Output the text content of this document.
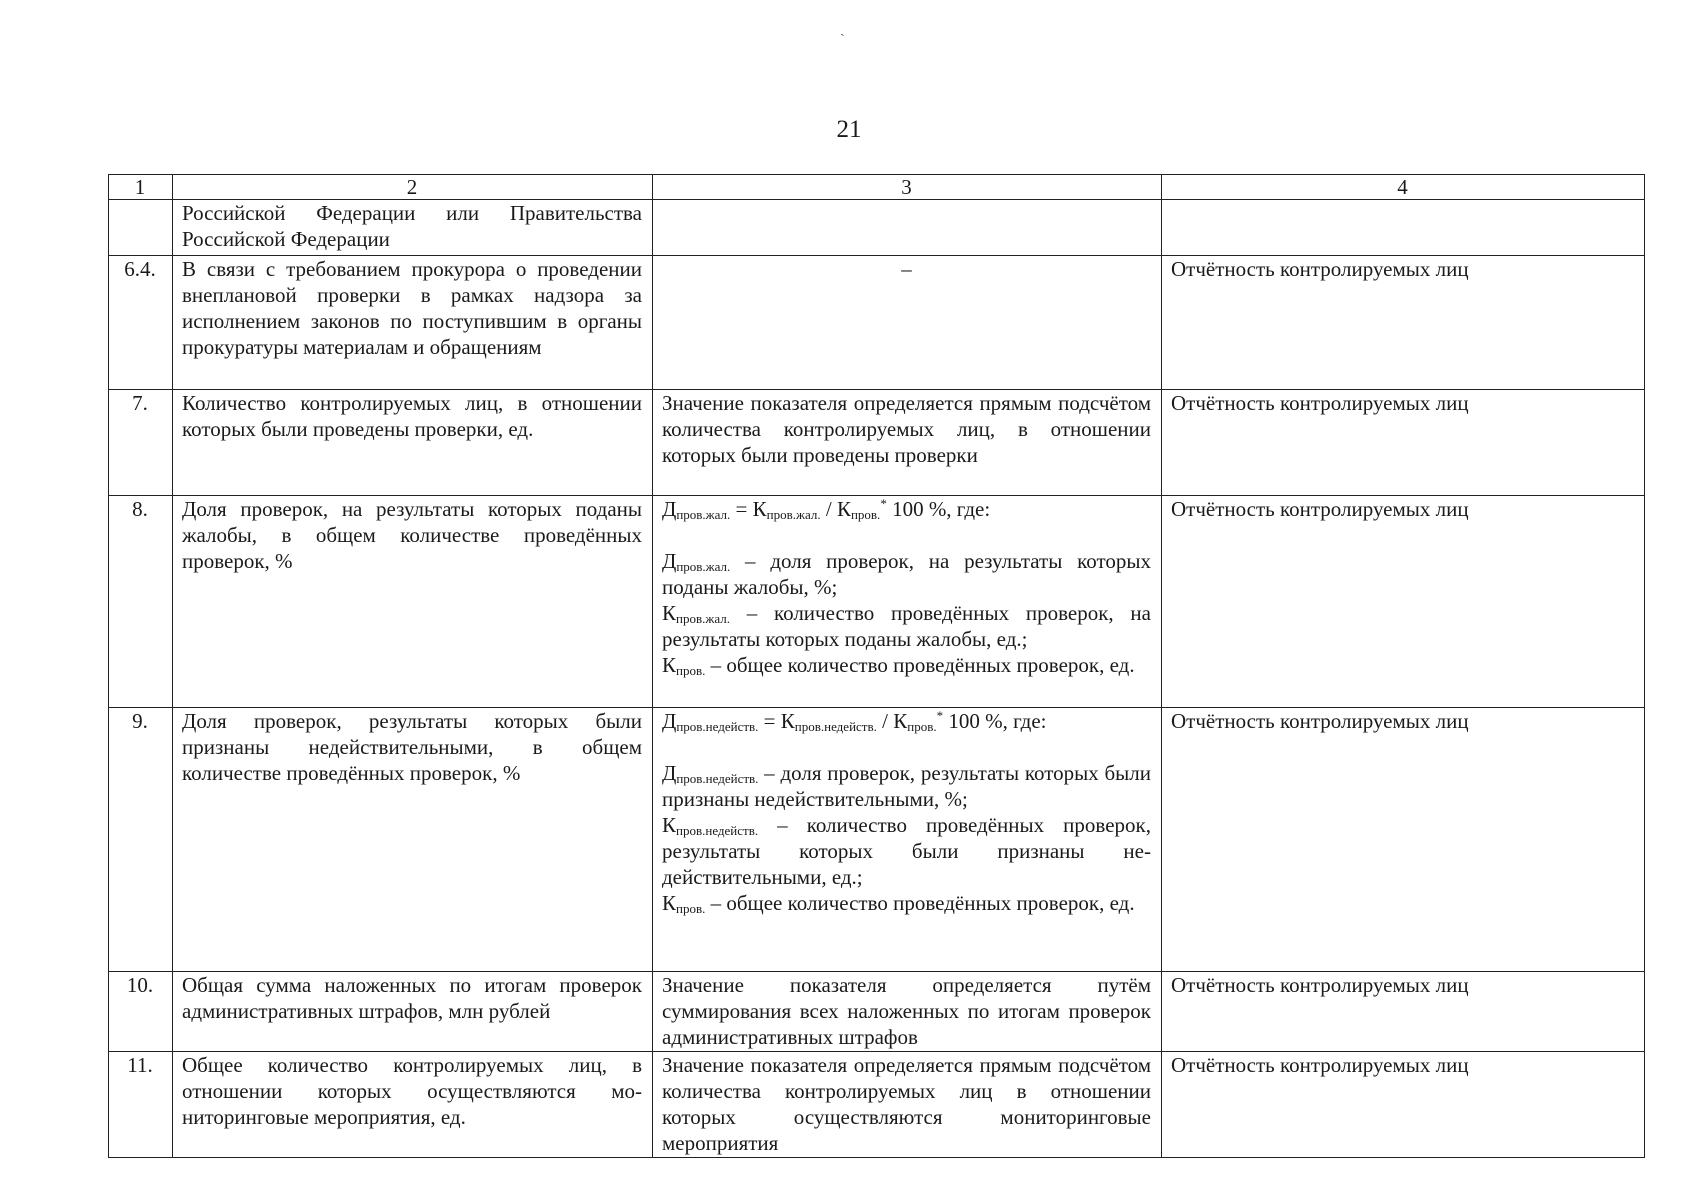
ˏ
21
1	2	3	4
	Российской Федерации или Правительства Российской Федерации		
6.4.	В связи с требованием прокурора о проведении внеплановой проверки в рамках надзора за исполнением законов по поступившим в органы прокуратуры материалам и обращениям	–	Отчётность контролируемых лиц
7.	Количество контролируемых лиц, в отношении которых были проведены проверки, ед.	Значение показателя определяется прямым подсчётом количества контролируемых лиц, в отношении которых были проведены проверки	Отчётность контролируемых лиц
8.	Доля проверок, на результаты которых поданы жалобы, в общем количестве проведённых проверок, %	$Д_{пров.жал.} = К_{пров.жал.} / К_{пров.}^*$ 100 %, где:
$Д_{пров.жал.}$ – доля проверок, на результаты которых поданы жалобы, %;
$К_{пров.жал.}$ – количество проведённых проверок, на результаты которых поданы жалобы, ед.;
$К_{пров.}$ – общее количество проведённых проверок, ед.	Отчётность контролируемых лиц
9.	Доля проверок, результаты которых были признаны недействительными, в общем количестве проведённых проверок, %	$Д_{пров.недейств.} = К_{пров.недейств.} / К_{пров.}^*$ 100 %, где:
$Д_{пров.недейств.}$ – доля проверок, результаты которых были признаны недействительными, %;
$К_{пров.недейств.}$ – количество проведённых проверок, результаты которых были признаны недействительными, ед.;
$К_{пров.}$ – общее количество проведённых проверок, ед.	Отчётность контролируемых лиц
10.	Общая сумма наложенных по итогам проверок административных штрафов, млн рублей	Значение показателя определяется путём суммирования всех наложенных по итогам проверок административных штрафов	Отчётность контролируемых лиц
11.	Общее количество контролируемых лиц, в отношении которых осуществляются мониторинговые мероприятия, ед.	Значение показателя определяется прямым подсчётом количества контролируемых лиц в отношении которых осуществляются мониторинговые мероприятия	Отчётность контролируемых лиц
